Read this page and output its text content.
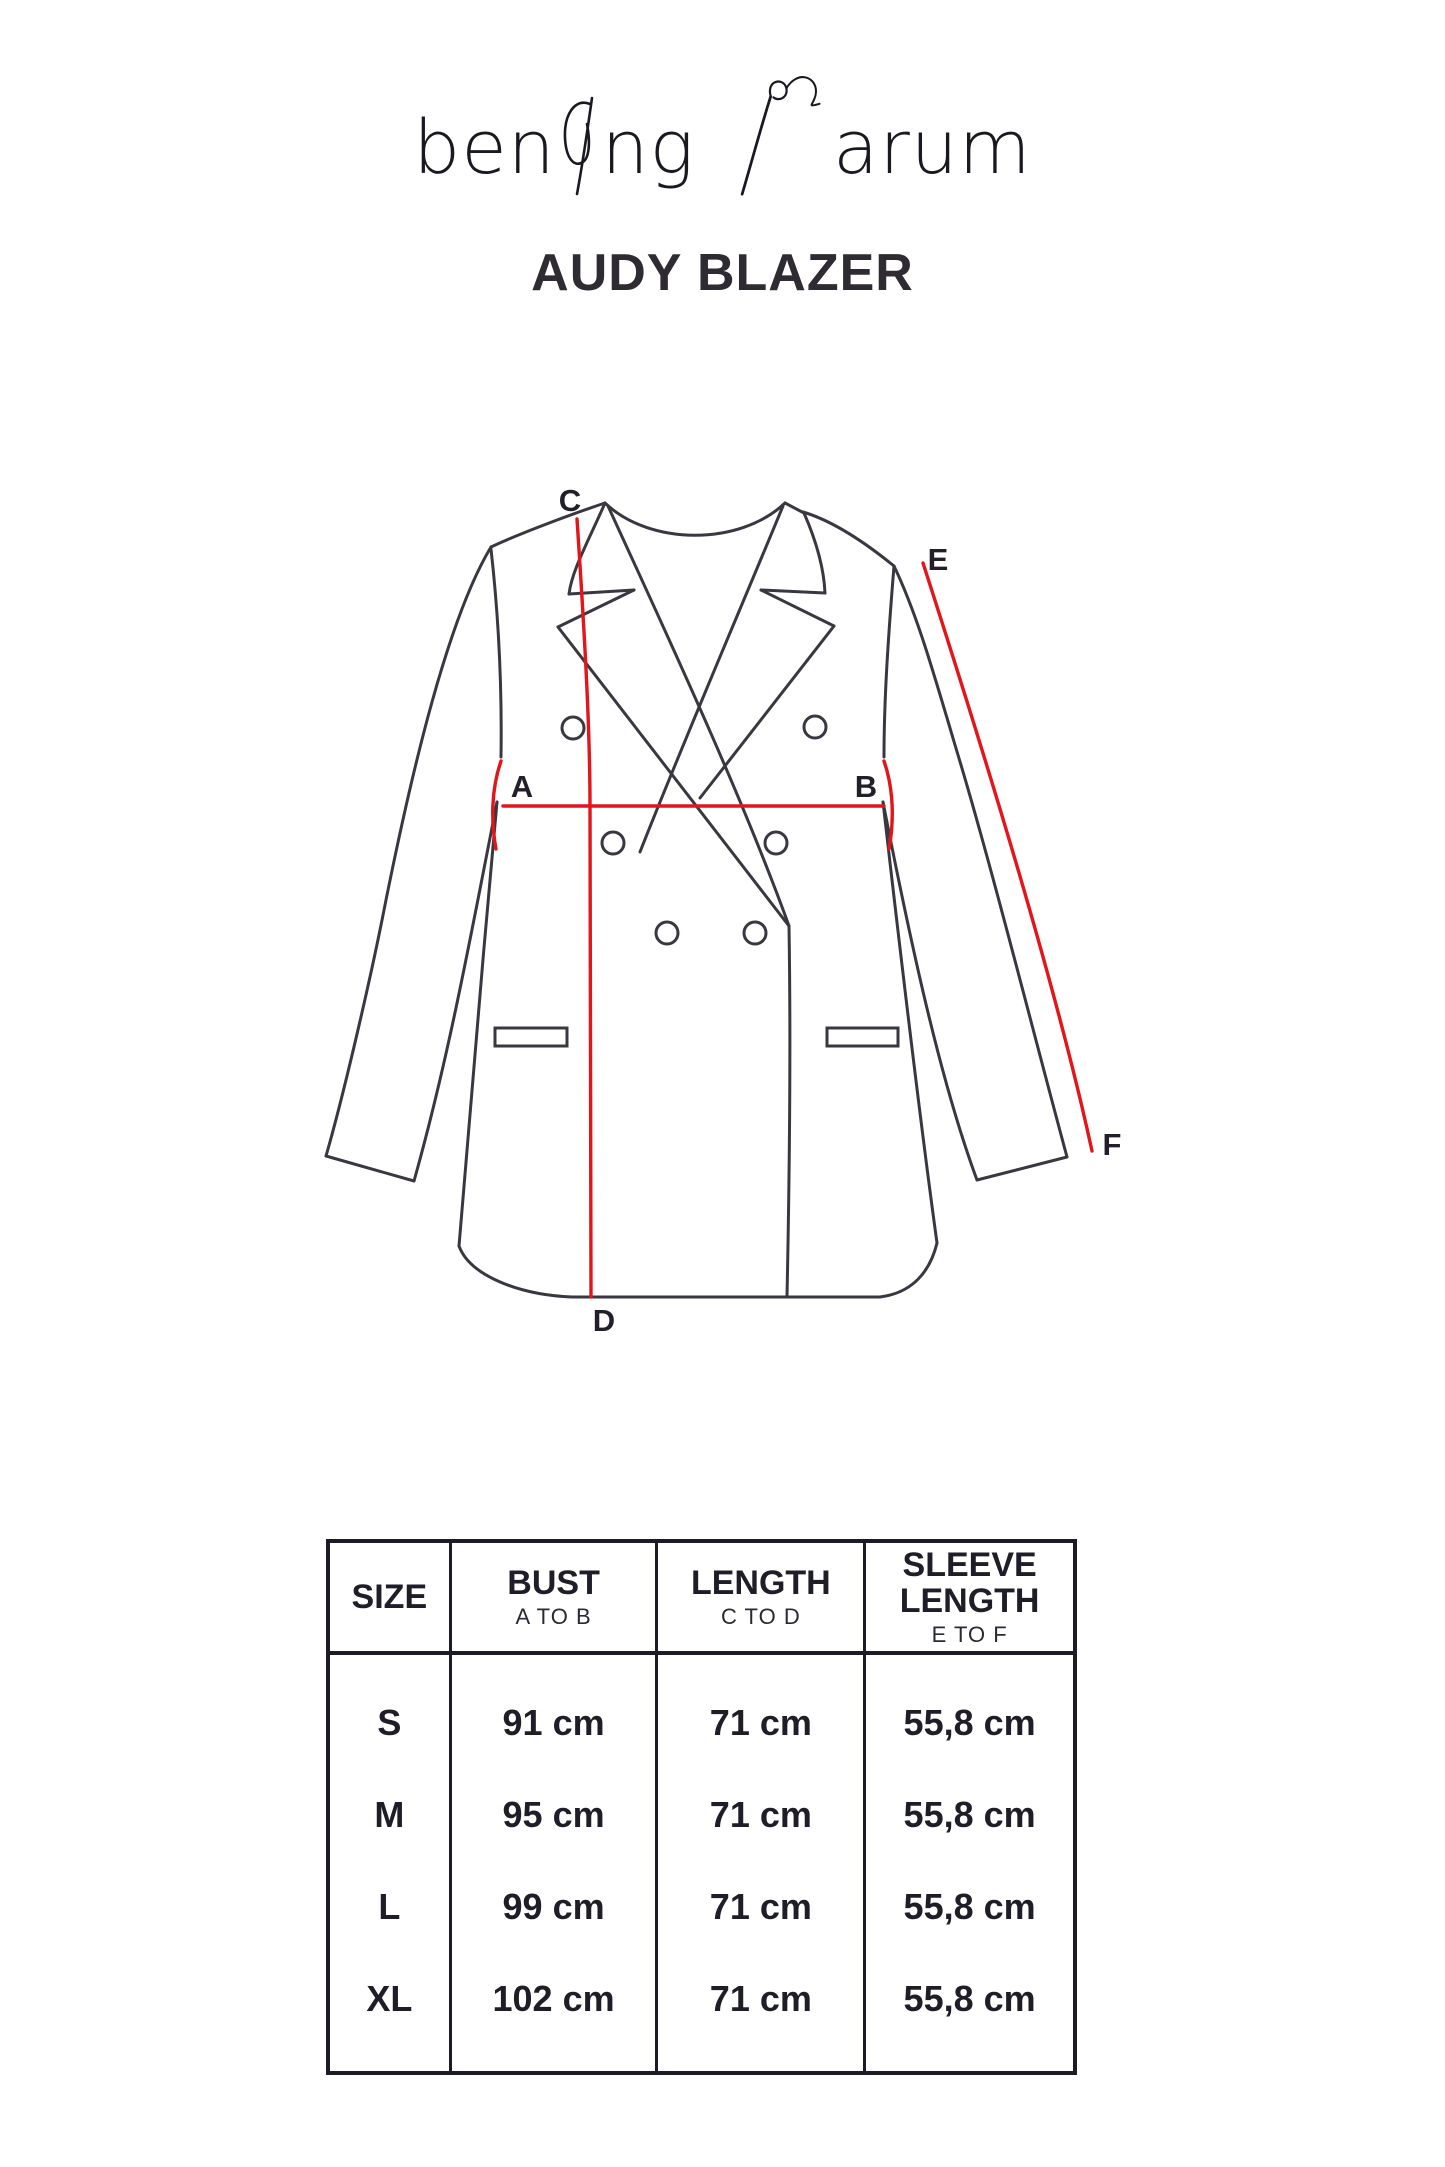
ben ng arum
AUDY BLAZER
C
A	B
E
F
D
SIZE BUST
A TO B
LENGTH
C TO D
SLEEVE LENGTH
E TO F
S
M
L
XL
91 cm
95 cm
99 cm
102 cm
71 cm
71 cm
71 cm
71 cm
55,8 cm
55,8 cm
55,8 cm
55,8 cm
